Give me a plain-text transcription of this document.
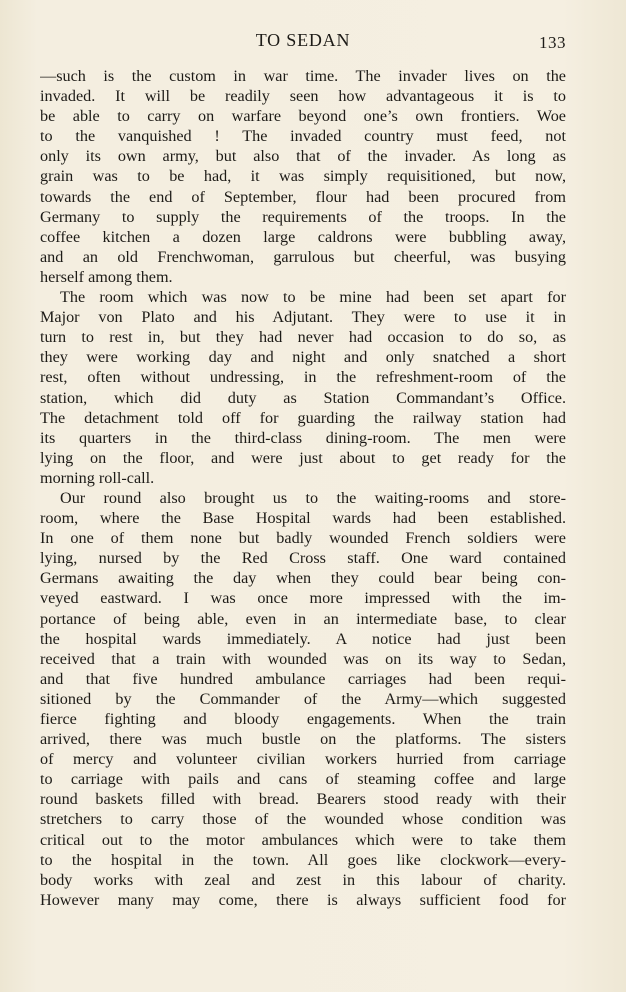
TO SEDAN	133
—such is the custom in war time. The invader lives on the
invaded. It will be readily seen how advantageous it is to
be able to carry on warfare beyond one’s own frontiers. Woe
to the vanquished ! The invaded country must feed, not
only its own army, but also that of the invader. As long as
grain was to be had, it was simply requisitioned, but now,
towards the end of September, flour had been procured from
Germany to supply the requirements of the troops. In the
coffee kitchen a dozen large caldrons were bubbling away,
and an old Frenchwoman, garrulous but cheerful, was busying
herself among them.
The room which was now to be mine had been set apart for
Major von Plato and his Adjutant. They were to use it in
turn to rest in, but they had never had occasion to do so, as
they were working day and night and only snatched a short
rest, often without undressing, in the refreshment-room of the
station, which did duty as Station Commandant’s Office.
The detachment told off for guarding the railway station had
its quarters in the third-class dining-room. The men were
lying on the floor, and were just about to get ready for the
morning roll-call.
Our round also brought us to the waiting-rooms and store-
room, where the Base Hospital wards had been established.
In one of them none but badly wounded French soldiers were
lying, nursed by the Red Cross staff. One ward contained
Germans awaiting the day when they could bear being con-
veyed eastward. I was once more impressed with the im-
portance of being able, even in an intermediate base, to clear
the hospital wards immediately. A notice had just been
received that a train with wounded was on its way to Sedan,
and that five hundred ambulance carriages had been requi-
sitioned by the Commander of the Army—which suggested
fierce fighting and bloody engagements. When the train
arrived, there was much bustle on the platforms. The sisters
of mercy and volunteer civilian workers hurried from carriage
to carriage with pails and cans of steaming coffee and large
round baskets filled with bread. Bearers stood ready with their
stretchers to carry those of the wounded whose condition was
critical out to the motor ambulances which were to take them
to the hospital in the town. All goes like clockwork—every-
body works with zeal and zest in this labour of charity.
However many may come, there is always sufficient food for
